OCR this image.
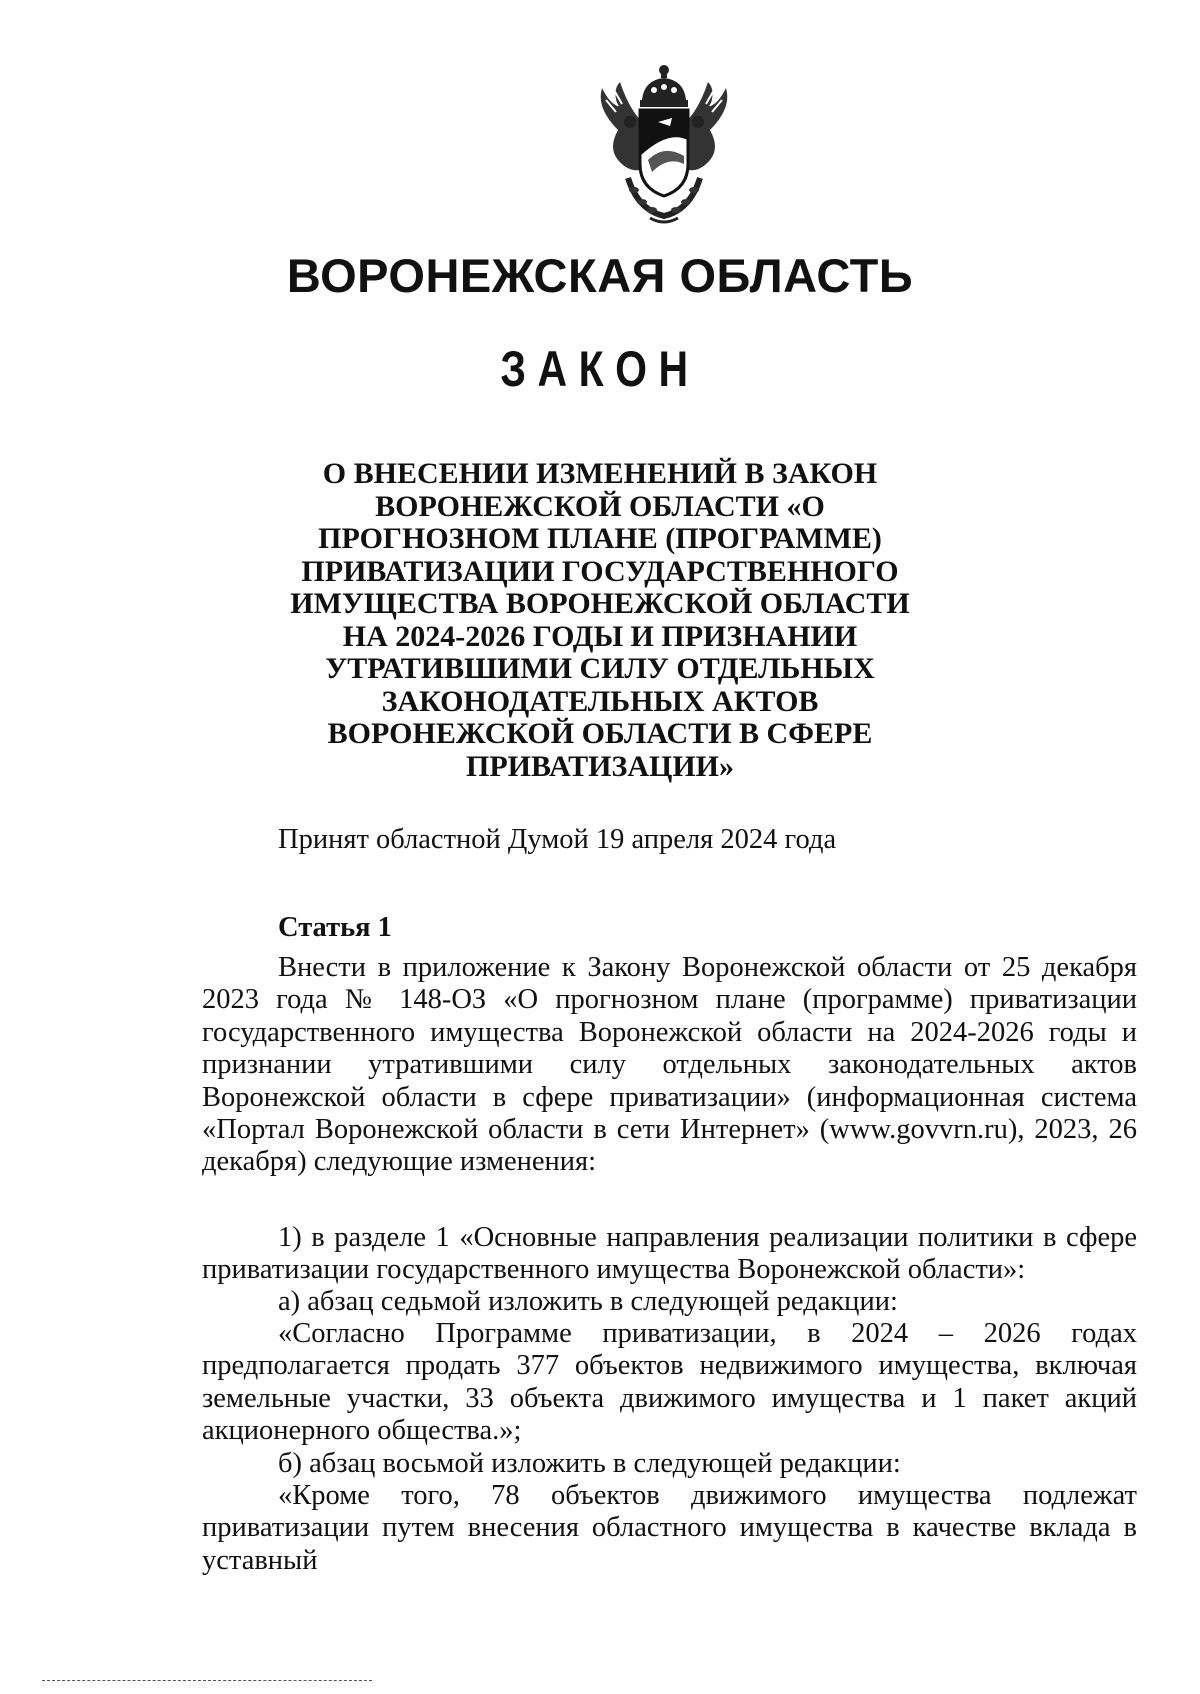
ВОРОНЕЖСКАЯ ОБЛАСТЬ
ЗАКОН

О ВНЕСЕНИИ ИЗМЕНЕНИЙ В ЗАКОН ВОРОНЕЖСКОЙ ОБЛАСТИ «О ПРОГНОЗНОМ ПЛАНЕ (ПРОГРАММЕ) ПРИВАТИЗАЦИИ ГОСУДАРСТВЕННОГО ИМУЩЕСТВА ВОРОНЕЖСКОЙ ОБЛАСТИ НА 2024-2026 ГОДЫ И ПРИЗНАНИИ УТРАТИВШИМИ СИЛУ ОТДЕЛЬНЫХ ЗАКОНОДАТЕЛЬНЫХ АКТОВ ВОРОНЕЖСКОЙ ОБЛАСТИ В СФЕРЕ ПРИВАТИЗАЦИИ»

Принят областной Думой 19 апреля 2024 года

Статья 1

Внести в приложение к Закону Воронежской области от 25 декабря 2023 года № 148-ОЗ «О прогнозном плане (программе) приватизации государственного имущества Воронежской области на 2024-2026 годы и признании утратившими силу отдельных законодательных актов Воронежской области в сфере приватизации» (информационная система «Портал Воронежской области в сети Интернет» (www.govvrn.ru), 2023, 26 декабря) следующие изменения:

1) в разделе 1 «Основные направления реализации политики в сфере приватизации государственного имущества Воронежской области»:

а) абзац седьмой изложить в следующей редакции:

«Согласно Программе приватизации, в 2024 – 2026 годах предполагается продать 377 объектов недвижимого имущества, включая земельные участки, 33 объекта движимого имущества и 1 пакет акций акционерного общества.»;

б) абзац восьмой изложить в следующей редакции:

«Кроме того, 78 объектов движимого имущества подлежат приватизации путем внесения областного имущества в качестве вклада в уставный
